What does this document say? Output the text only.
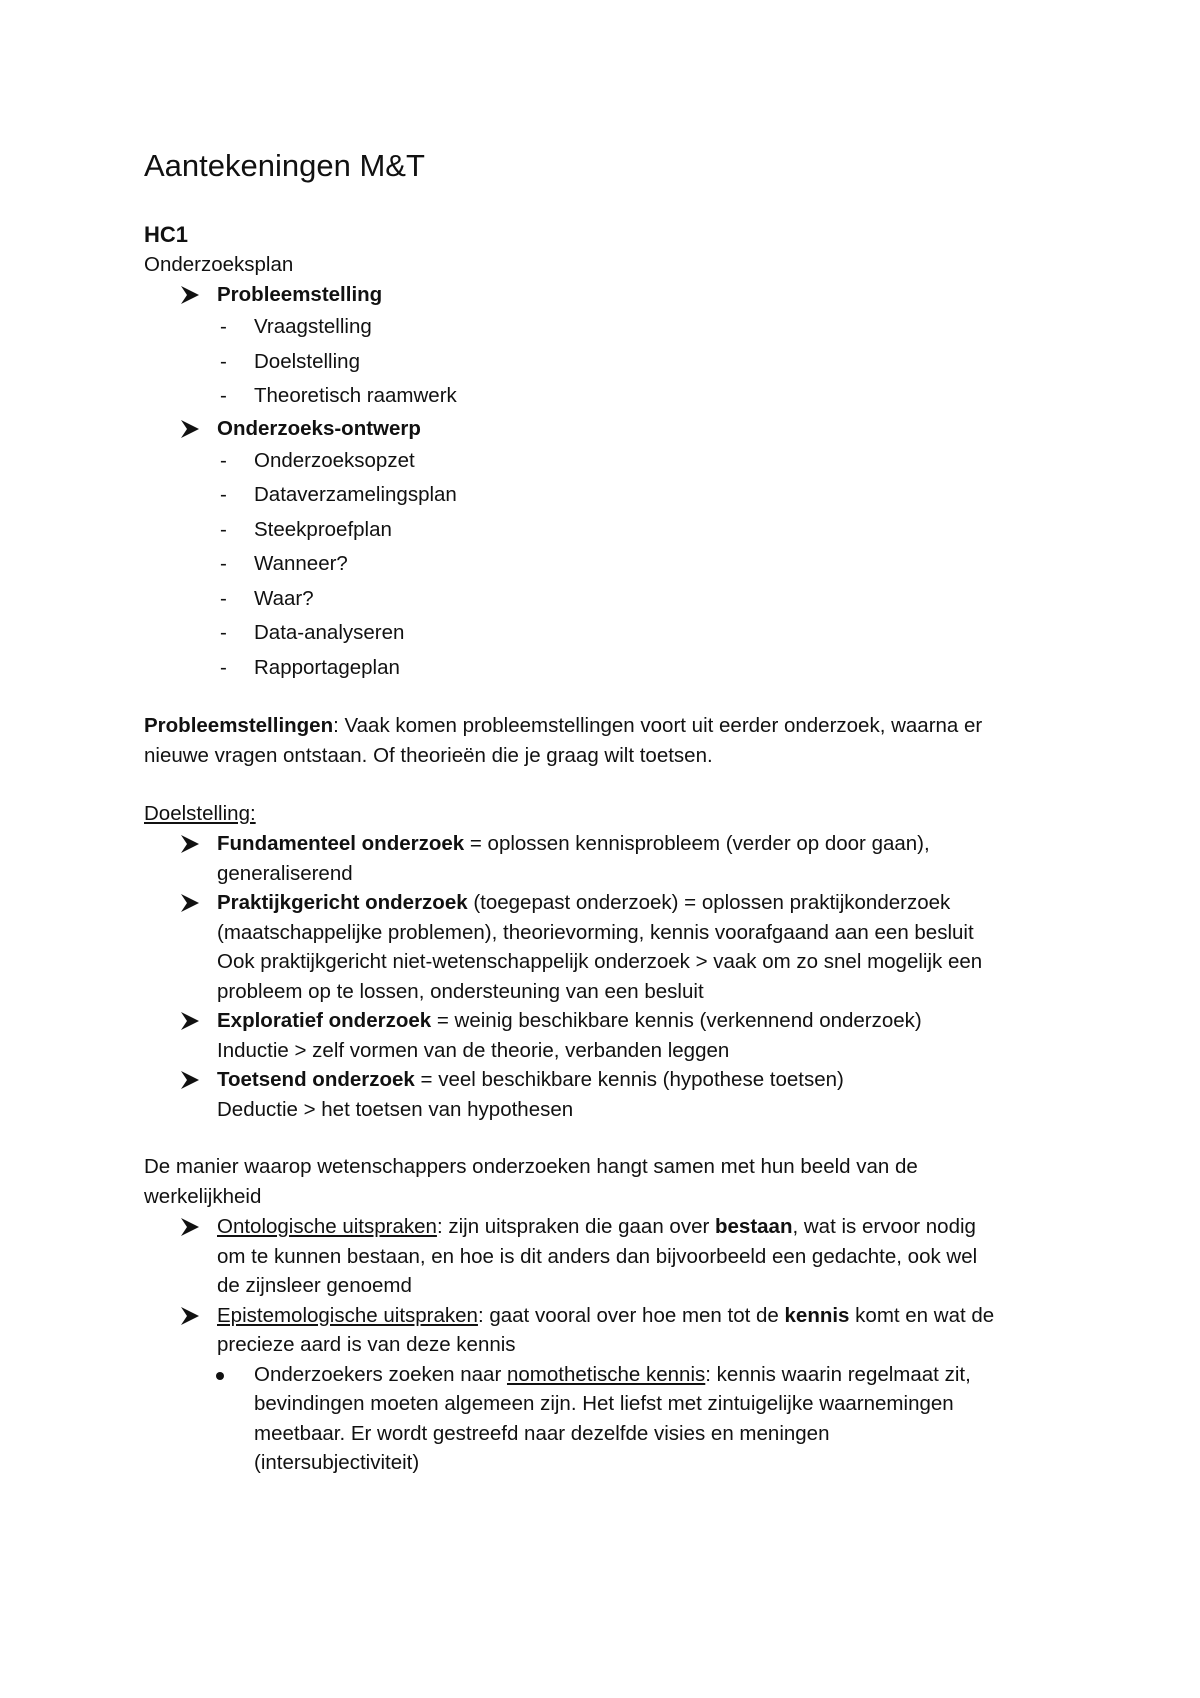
Aantekeningen M&T
HC1
Onderzoeksplan
Probleemstelling
- Vraagstelling
- Doelstelling
- Theoretisch raamwerk
Onderzoeks-ontwerp
- Onderzoeksopzet
- Dataverzamelingsplan
- Steekproefplan
- Wanneer?
- Waar?
- Data-analyseren
- Rapportageplan
Probleemstellingen: Vaak komen probleemstellingen voort uit eerder onderzoek, waarna er
nieuwe vragen ontstaan. Of theorieën die je graag wilt toetsen.
Doelstelling:
Fundamenteel onderzoek = oplossen kennisprobleem (verder op door gaan),
generaliserend
Praktijkgericht onderzoek (toegepast onderzoek) = oplossen praktijkonderzoek
(maatschappelijke problemen), theorievorming, kennis voorafgaand aan een besluit
Ook praktijkgericht niet-wetenschappelijk onderzoek > vaak om zo snel mogelijk een
probleem op te lossen, ondersteuning van een besluit
Exploratief onderzoek = weinig beschikbare kennis (verkennend onderzoek)
Inductie > zelf vormen van de theorie, verbanden leggen
Toetsend onderzoek = veel beschikbare kennis (hypothese toetsen)
Deductie > het toetsen van hypothesen
De manier waarop wetenschappers onderzoeken hangt samen met hun beeld van de
werkelijkheid
Ontologische uitspraken: zijn uitspraken die gaan over bestaan, wat is ervoor nodig
om te kunnen bestaan, en hoe is dit anders dan bijvoorbeeld een gedachte, ook wel
de zijnsleer genoemd
Epistemologische uitspraken: gaat vooral over hoe men tot de kennis komt en wat de
precieze aard is van deze kennis
Onderzoekers zoeken naar nomothetische kennis: kennis waarin regelmaat zit,
bevindingen moeten algemeen zijn. Het liefst met zintuigelijke waarnemingen
meetbaar. Er wordt gestreefd naar dezelfde visies en meningen
(intersubjectiviteit)
